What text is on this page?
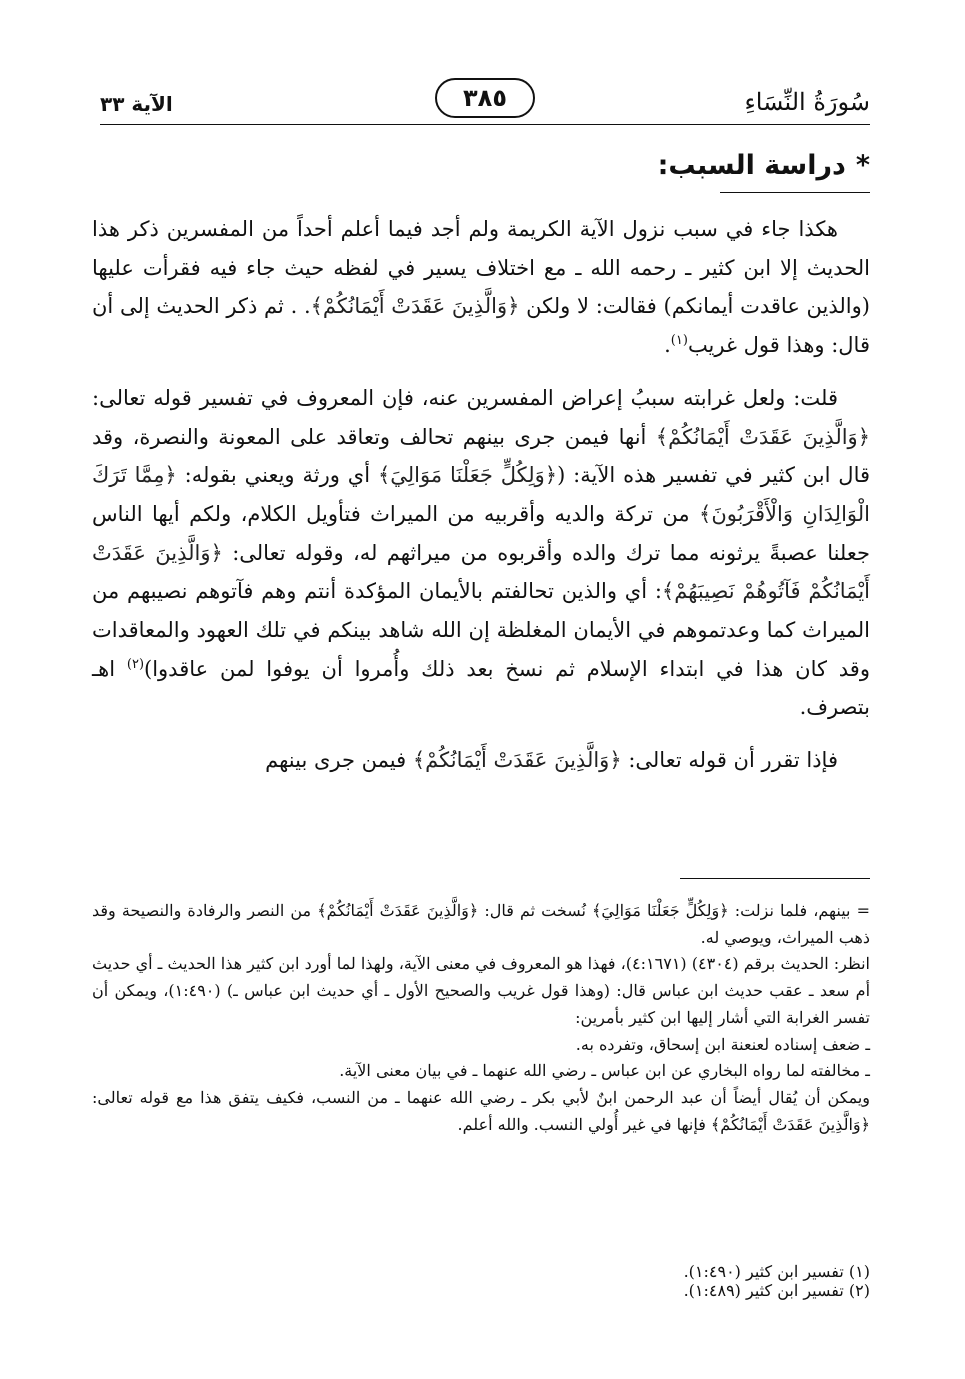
سُورَةُ النِّسَاءِ
٣٨٥
الآية ٣٣
*دراسة السبب:

هكذا جاء في سبب نزول الآية الكريمة ولم أجد فيما أعلم أحداً من المفسرين ذكر هذا الحديث إلا ابن كثير ـ رحمه الله ـ مع اختلاف يسير في لفظه حيث جاء فيه فقرأت عليها (والذين عاقدت أيمانكم) فقالت: لا ولكن ﴿وَالَّذِينَ عَقَدَتْ أَيْمَانُكُمْ﴾. . ثم ذكر الحديث إلى أن قال: وهذا قول غريب$^{(١)}$.

قلت: ولعل غرابته سببُ إعراض المفسرين عنه، فإن المعروف في تفسير قوله تعالى: ﴿وَالَّذِينَ عَقَدَتْ أَيْمَانُكُمْ﴾ أنها فيمن جرى بينهم تحالف وتعاقد على المعونة والنصرة، وقد قال ابن كثير في تفسير هذه الآية: (﴿وَلِكُلٍّ جَعَلْنَا مَوَالِيَ﴾ أي ورثة ويعني بقوله: ﴿مِمَّا تَرَكَ الْوَالِدَانِ وَالْأَقْرَبُونَ﴾ من تركة والديه وأقربيه من الميراث فتأويل الكلام، ولكم أيها الناس جعلنا عصبةً يرثونه مما ترك والده وأقربوه من ميراثهم له، وقوله تعالى: ﴿وَالَّذِينَ عَقَدَتْ أَيْمَانُكُمْ فَآتُوهُمْ نَصِيبَهُمْ﴾: أي والذين تحالفتم بالأيمان المؤكدة أنتم وهم فآتوهم نصيبهم من الميراث كما وعدتموهم في الأيمان المغلظة إن الله شاهد بينكم في تلك العهود والمعاقدات وقد كان هذا في ابتداء الإسلام ثم نسخ بعد ذلك وأُمروا أن يوفوا لمن عاقدوا)$^{(٢)}$ اهـ بتصرف.

فإذا تقرر أن قوله تعالى: ﴿وَالَّذِينَ عَقَدَتْ أَيْمَانُكُمْ﴾ فيمن جرى بينهم

= بينهم، فلما نزلت: ﴿وَلِكُلٍّ جَعَلْنَا مَوَالِيَ﴾ نُسخت ثم قال: ﴿وَالَّذِينَ عَقَدَتْ أَيْمَانُكُمْ﴾ من النصر والرفادة والنصيحة وقد ذهب الميراث، ويوصي له.

انظر: الحديث برقم (٤٣٠٤) (٤:١٦٧١)، فهذا هو المعروف في معنى الآية، ولهذا لما أورد ابن كثير هذا الحديث ـ أي حديث أم سعد ـ عقب حديث ابن عباس قال: (وهذا قول غريب والصحيح الأول ـ أي حديث ابن عباس ـ) (١:٤٩٠)، ويمكن أن تفسر الغرابة التي أشار إليها ابن كثير بأمرين:

ـ ضعف إسناده لعنعنة ابن إسحاق، وتفرده به.

ـ مخالفته لما رواه البخاري عن ابن عباس ـ رضي الله عنهما ـ في بيان معنى الآية.

ويمكن أن يُقال أيضاً أن عبد الرحمن ابنٌ لأبي بكر ـ رضي الله عنهما ـ من النسب، فكيف يتفق هذا مع قوله تعالى: ﴿وَالَّذِينَ عَقَدَتْ أَيْمَانُكُمْ﴾ فإنها في غير أُولي النسب. والله أعلم.

(١) تفسير ابن كثير (١:٤٩٠).(٢) تفسير ابن كثير (١:٤٨٩).
